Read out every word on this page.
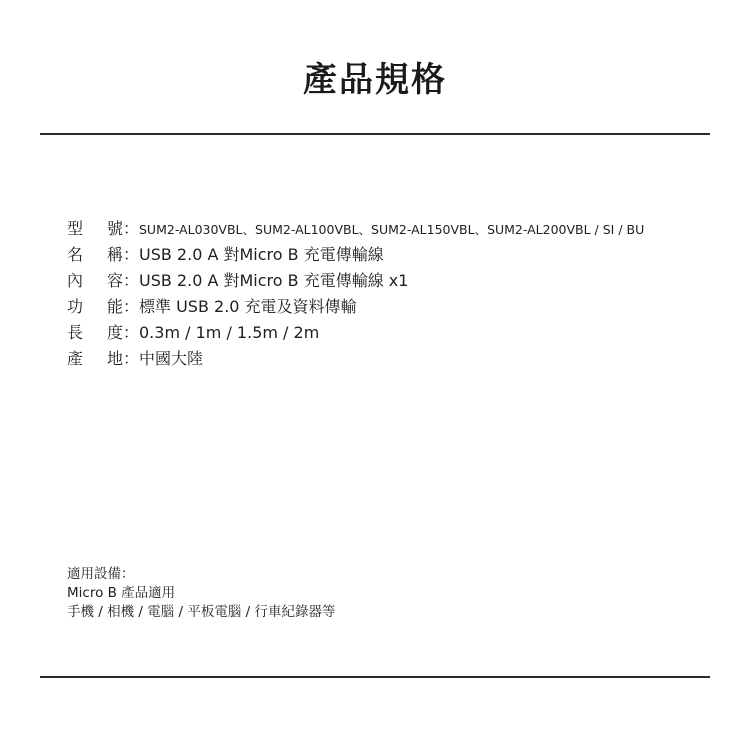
產品規格
型 號 ： SUM2-AL030VBL、SUM2-AL100VBL、SUM2-AL150VBL、SUM2-AL200VBL / SI / BU
名 稱 ： USB 2.0 A 對Micro B 充電傳輸線
內 容 ： USB 2.0 A 對Micro B 充電傳輸線 x1
功 能 ： 標準 USB 2.0 充電及資料傳輸
長 度 ： 0.3m / 1m / 1.5m / 2m
產 地 ： 中國大陸
適用設備：
Micro B 產品適用
手機 / 相機 / 電腦 / 平板電腦 / 行車紀錄器等
